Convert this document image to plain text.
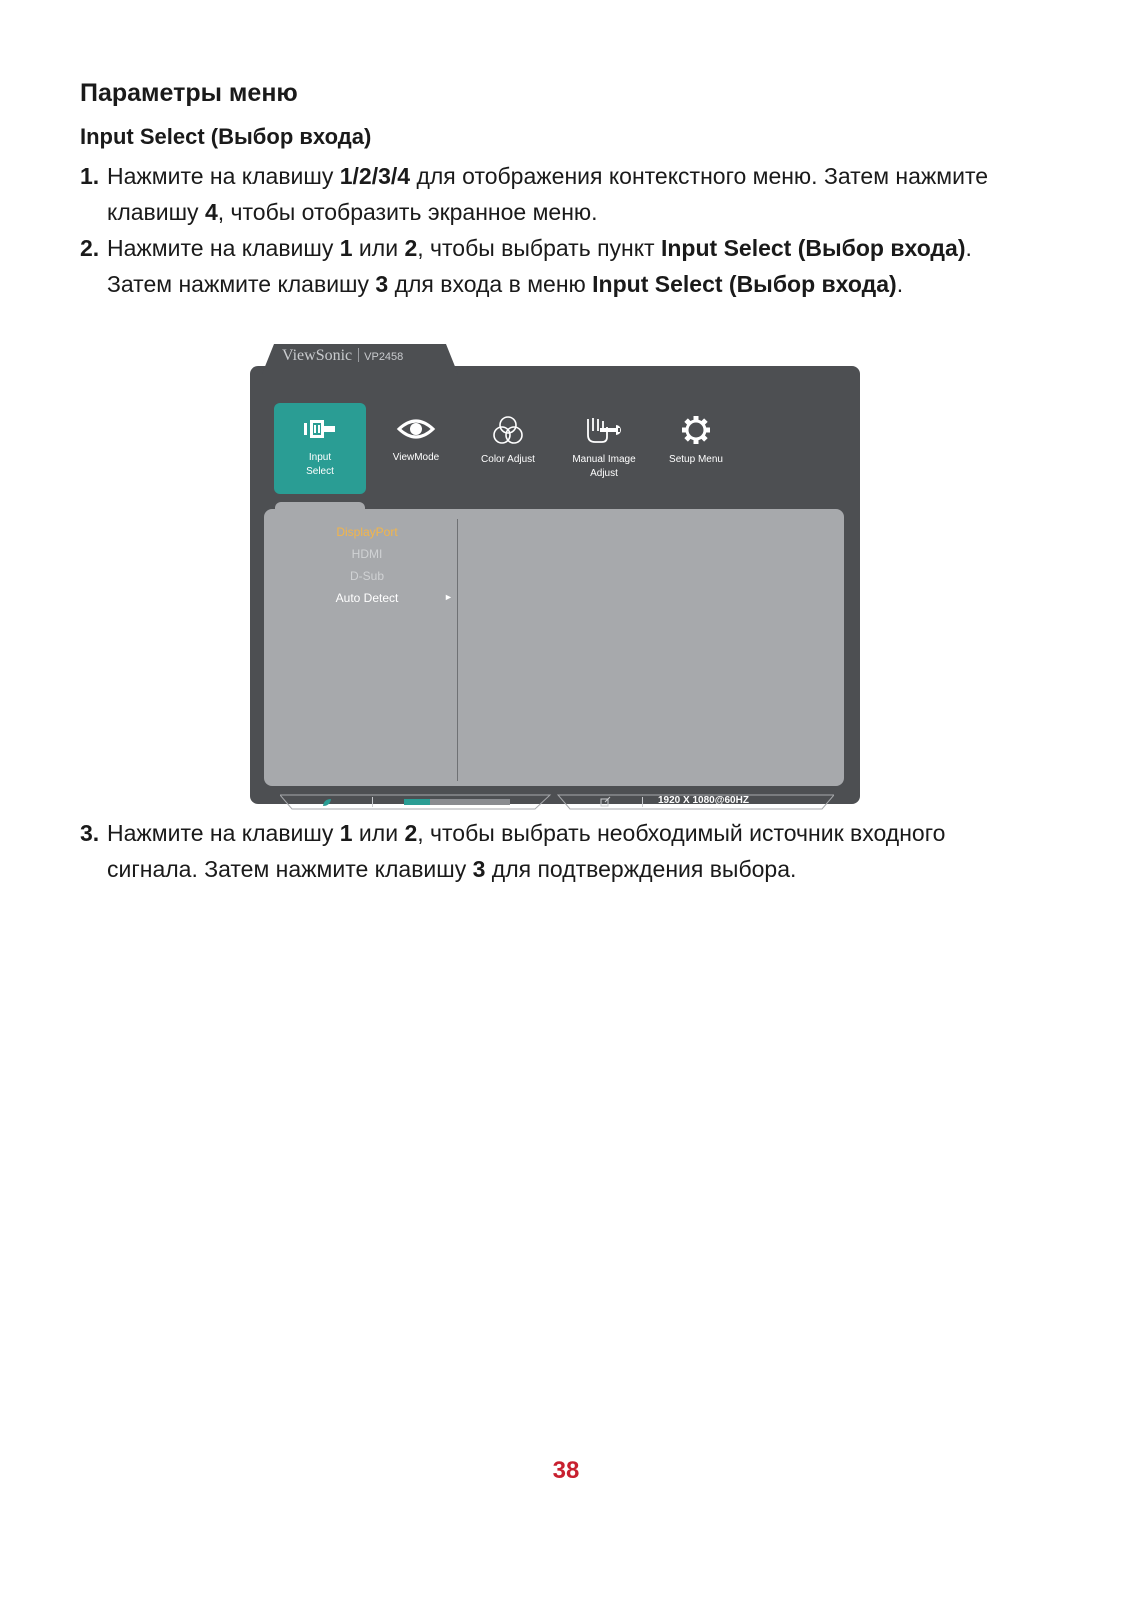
Параметры меню
Input Select (Выбор входа)
1. Нажмите на клавишу 1/2/3/4 для отображения контекстного меню. Затем нажмите клавишу 4, чтобы отобразить экранное меню.
2. Нажмите на клавишу 1 или 2, чтобы выбрать пункт Input Select (Выбор входа). Затем нажмите клавишу 3 для входа в меню Input Select (Выбор входа).
ViewSonic VP2458
Input
Select
ViewMode	Color Adjust	Manual Image
Adjust
Setup Menu
DisplayPort
HDMI
D-Sub
Auto Detect	►
1920 X 1080@60HZ
3. Нажмите на клавишу 1 или 2, чтобы выбрать необходимый источник входного сигнала. Затем нажмите клавишу 3 для подтверждения выбора.
38
